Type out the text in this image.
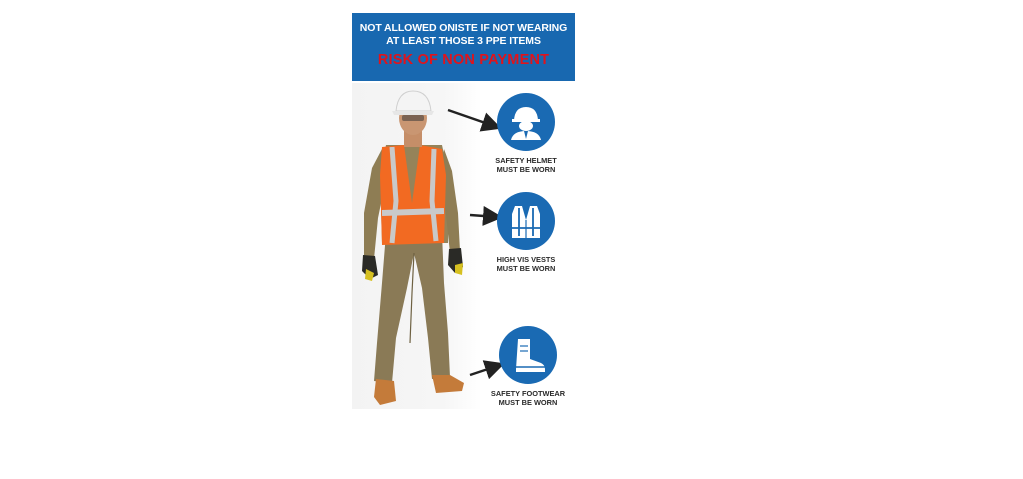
NOT ALLOWED ONISTE IF NOT WEARING
AT LEAST THOSE 3 PPE ITEMS
RISK OF NON PAYMENT
SAFETY HELMET
MUST BE WORN
HIGH VIS VESTS
MUST BE WORN
SAFETY FOOTWEAR
MUST BE WORN
